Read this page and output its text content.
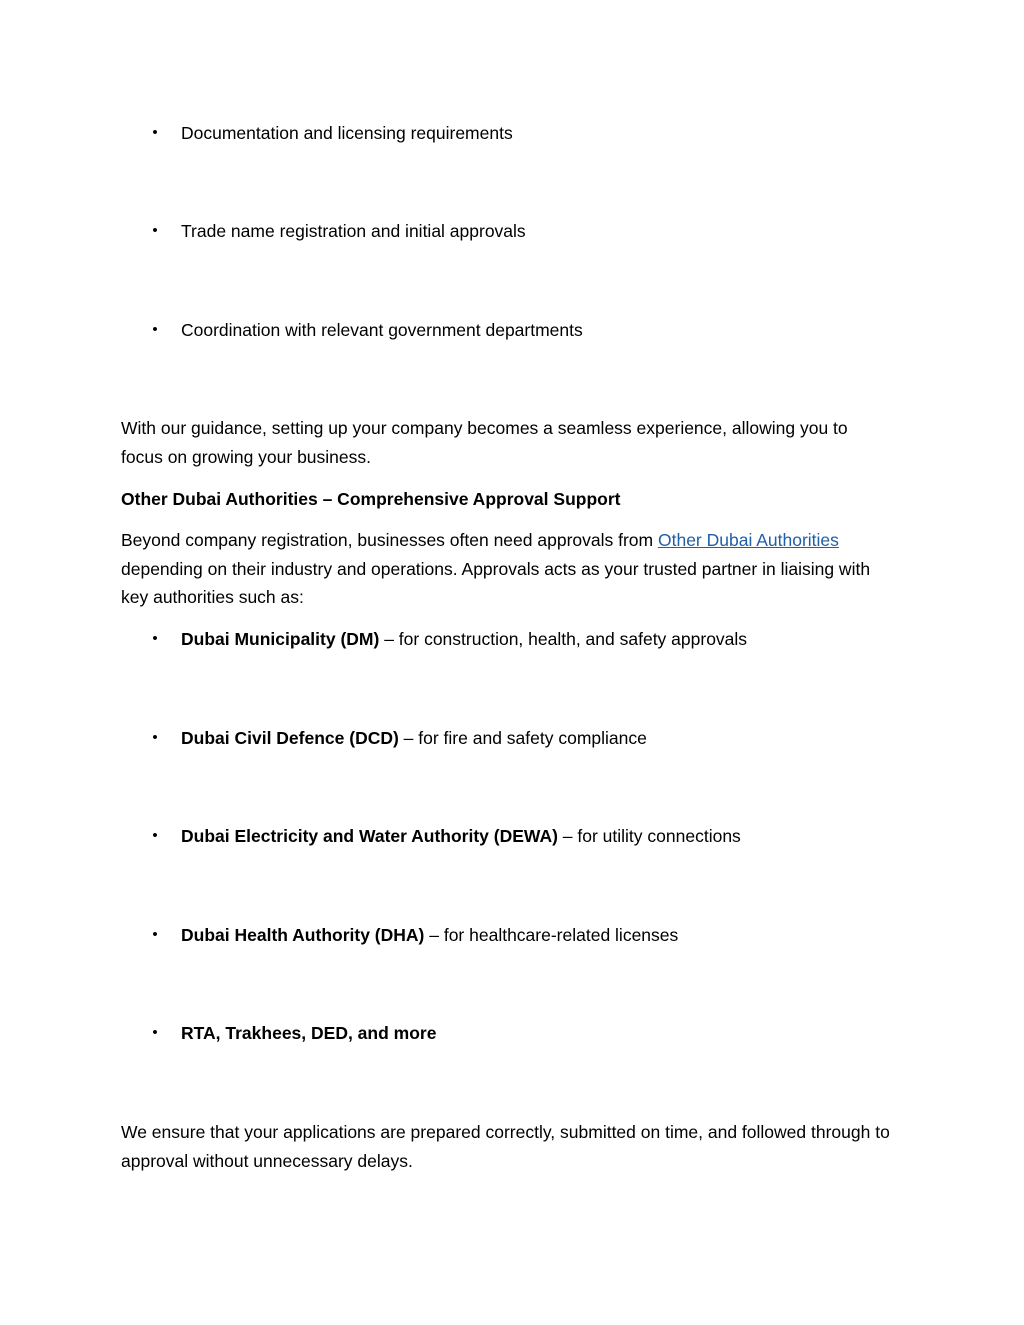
• Documentation and licensing requirements
• Trade name registration and initial approvals
• Coordination with relevant government departments

With our guidance, setting up your company becomes a seamless experience, allowing you to focus on growing your business.

Other Dubai Authorities – Comprehensive Approval Support

Beyond company registration, businesses often need approvals from Other Dubai Authorities depending on their industry and operations. Approvals acts as your trusted partner in liaising with key authorities such as:

• Dubai Municipality (DM) – for construction, health, and safety approvals
• Dubai Civil Defence (DCD) – for fire and safety compliance
• Dubai Electricity and Water Authority (DEWA) – for utility connections
• Dubai Health Authority (DHA) – for healthcare-related licenses
• RTA, Trakhees, DED, and more

We ensure that your applications are prepared correctly, submitted on time, and followed through to approval without unnecessary delays.
